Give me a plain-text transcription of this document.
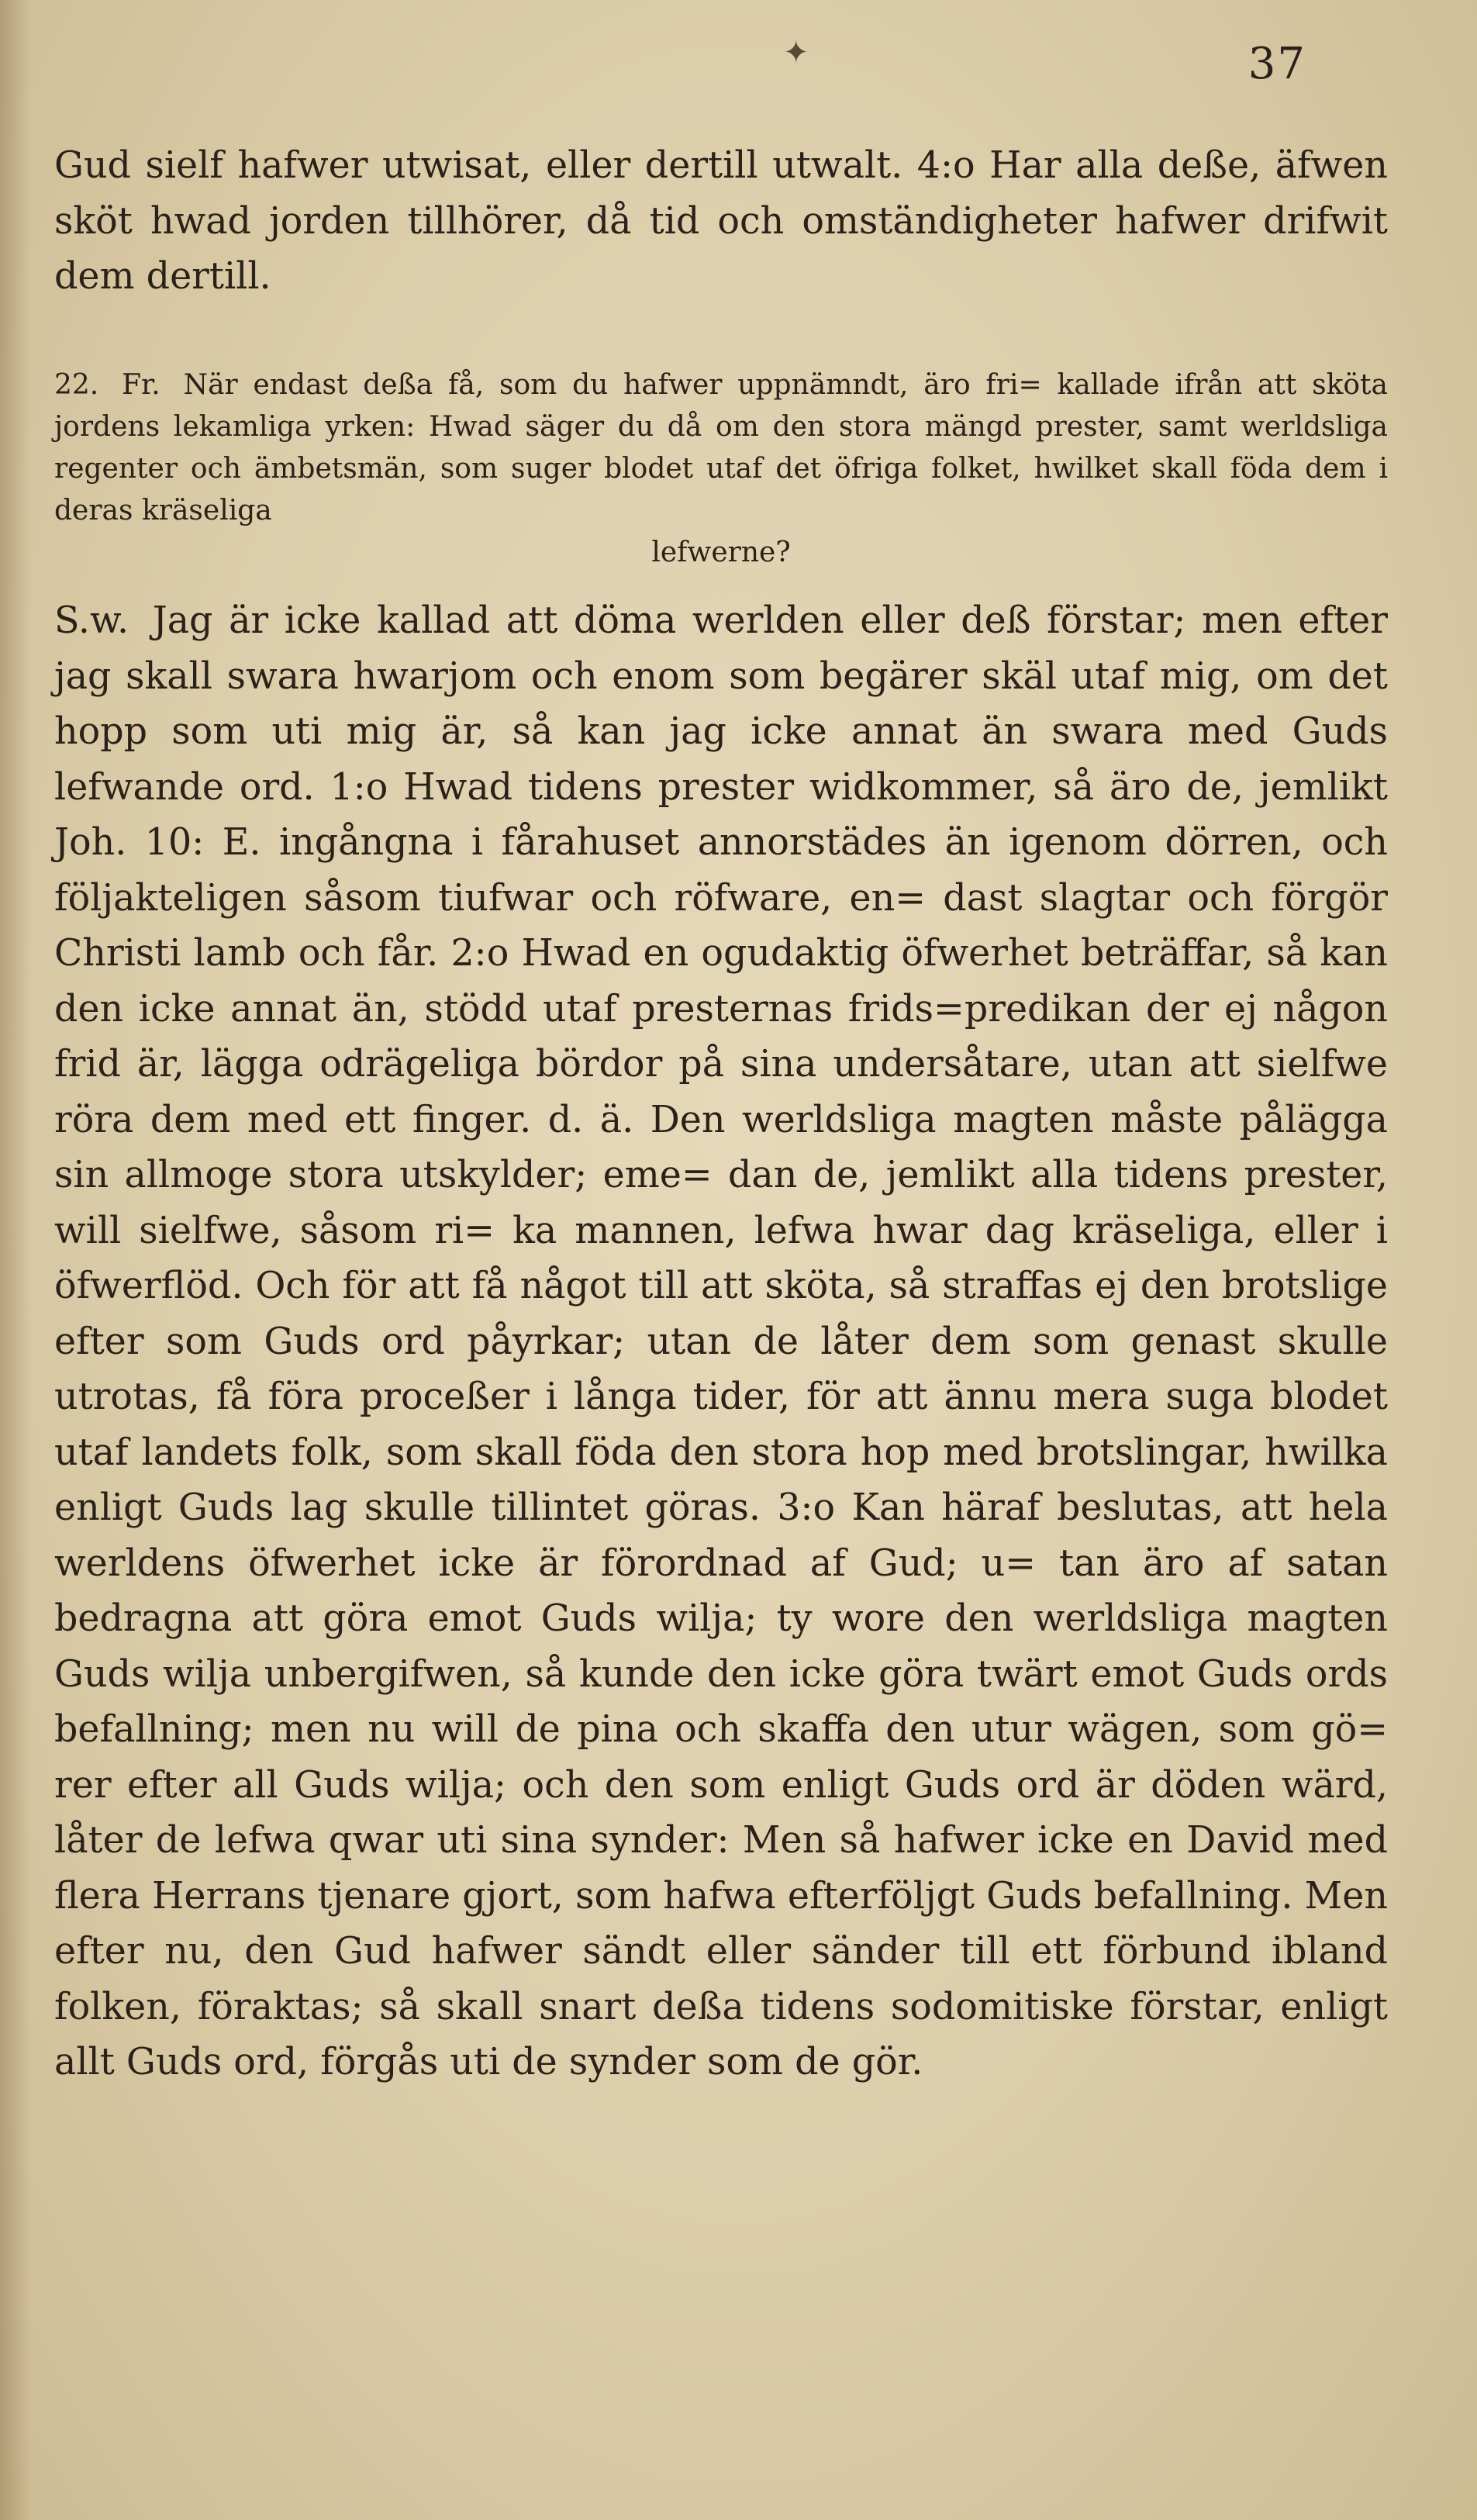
✦	37

Gud sielf hafwer utwisat, eller dertill utwalt. 4:o Har alla deße, äfwen sköt hwad jorden tillhörer, då tid och omständigheter hafwer drifwit dem dertill.

22. Fr. När endast deßa få, som du hafwer uppnämndt, äro fri= kallade ifrån att sköta jordens lekamliga yrken: Hwad säger du då om den stora mängd prester, samt werldsliga regenter och ämbetsmän, som suger blodet utaf det öfriga folket, hwilket skall föda dem i deras kräseliga
lefwerne?

S.w. Jag är icke kallad att döma werlden eller deß förstar; men efter jag skall swara hwarjom och enom som begärer skäl utaf mig, om det hopp som uti mig är, så kan jag icke annat än swara med Guds lefwande ord. 1:o Hwad tidens prester widkommer, så äro de, jemlikt Joh. 10: E. ingångna i fårahuset annorstädes än igenom dörren, och följakteligen såsom tiufwar och röfware, en= dast slagtar och förgör Christi lamb och får. 2:o Hwad en ogudaktig öfwerhet beträffar, så kan den icke annat än, stödd utaf presternas frids=predikan der ej någon frid är, lägga odrägeliga bördor på sina undersåtare, utan att sielfwe röra dem med ett finger. d. ä. Den werldsliga magten måste pålägga sin allmoge stora utskylder; eme= dan de, jemlikt alla tidens prester, will sielfwe, såsom ri= ka mannen, lefwa hwar dag kräseliga, eller i öfwerflöd. Och för att få något till att sköta, så straffas ej den brotslige efter som Guds ord påyrkar; utan de låter dem som genast skulle utrotas, få föra proceßer i långa tider, för att ännu mera suga blodet utaf landets folk, som skall föda den stora hop med brotslingar, hwilka enligt Guds lag skulle tillintet göras. 3:o Kan häraf beslutas, att hela werldens öfwerhet icke är förordnad af Gud; u= tan äro af satan bedragna att göra emot Guds wilja; ty wore den werldsliga magten Guds wilja unbergifwen, så kunde den icke göra twärt emot Guds ords befallning; men nu will de pina och skaffa den utur wägen, som gö= rer efter all Guds wilja; och den som enligt Guds ord är döden wärd, låter de lefwa qwar uti sina synder: Men så hafwer icke en David med flera Herrans tjenare gjort, som hafwa efterföljgt Guds befallning. Men efter nu, den Gud hafwer sändt eller sänder till ett förbund ibland folken, föraktas; så skall snart deßa tidens sodomitiske förstar, enligt allt Guds ord, förgås uti de synder som de gör.
